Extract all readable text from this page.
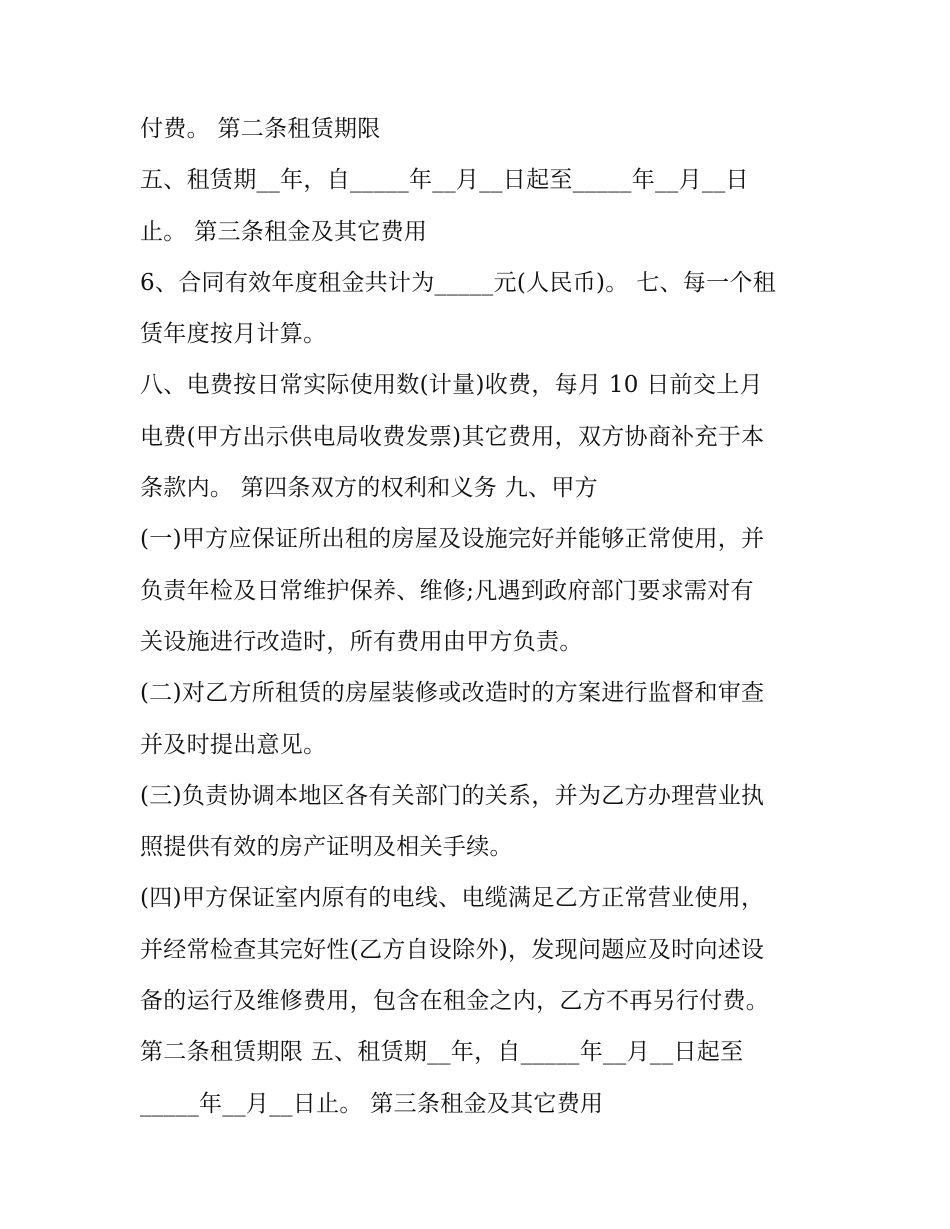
付费。 第二条租赁期限
五、租赁期__年，自_____年__月__日起至_____年__月__日
止。 第三条租金及其它费用
6、合同有效年度租金共计为_____元(人民币)。 七、每一个租
赁年度按月计算。
八、电费按日常实际使用数(计量)收费，每月 10 日前交上月
电费(甲方出示供电局收费发票)其它费用，双方协商补充于本
条款内。 第四条双方的权利和义务 九、甲方
(一)甲方应保证所出租的房屋及设施完好并能够正常使用，并
负责年检及日常维护保养、维修;凡遇到政府部门要求需对有
关设施进行改造时，所有费用由甲方负责。
(二)对乙方所租赁的房屋装修或改造时的方案进行监督和审查
并及时提出意见。
(三)负责协调本地区各有关部门的关系，并为乙方办理营业执
照提供有效的房产证明及相关手续。
(四)甲方保证室内原有的电线、电缆满足乙方正常营业使用，
并经常检查其完好性(乙方自设除外)，发现问题应及时向述设
备的运行及维修费用，包含在租金之内，乙方不再另行付费。
第二条租赁期限 五、租赁期__年，自_____年__月__日起至
_____年__月__日止。 第三条租金及其它费用
